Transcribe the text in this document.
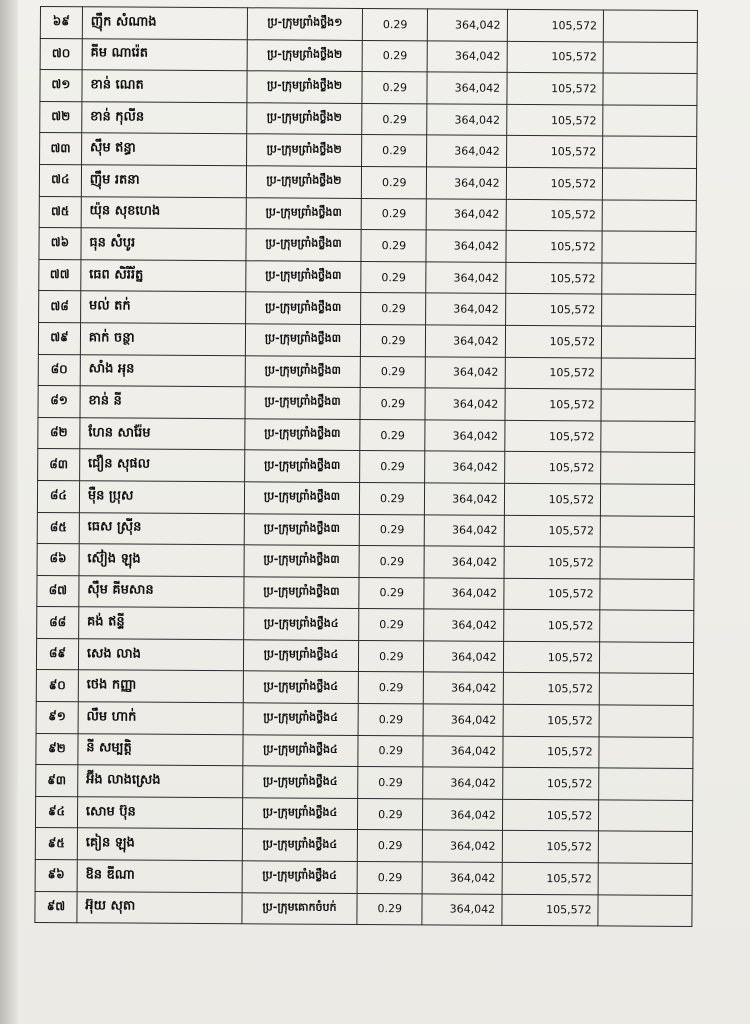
៦៩	ញ៉ឹក សំណាង	ប្រ-ក្រុមព្រាំងថ្លឹង១	0.29	364,042	105,572	
៧០	គីម ណារ៉េត	ប្រ-ក្រុមព្រាំងថ្លឹង២	0.29	364,042	105,572	
៧១	ខាន់ ណេត	ប្រ-ក្រុមព្រាំងថ្លឹង២	0.29	364,042	105,572	
៧២	ខាន់ កុលីន	ប្រ-ក្រុមព្រាំងថ្លឹង២	0.29	364,042	105,572	
៧៣	ស៊ឹម ឥន្ធា	ប្រ-ក្រុមព្រាំងថ្លឹង២	0.29	364,042	105,572	
៧៤	ញ៉ឹម រតនា	ប្រ-ក្រុមព្រាំងថ្លឹង២	0.29	364,042	105,572	
៧៥	យ៉ុន សុខហេង	ប្រ-ក្រុមព្រាំងថ្លឹង៣	0.29	364,042	105,572	
៧៦	ធុន សំបូរ	ប្រ-ក្រុមព្រាំងថ្លឹង៣	0.29	364,042	105,572	
៧៧	ធេព សិរីរ័ត្ន	ប្រ-ក្រុមព្រាំងថ្លឹង៣	0.29	364,042	105,572	
៧៨	មល់ តក់	ប្រ-ក្រុមព្រាំងថ្លឹង៣	0.29	364,042	105,572	
៧៩	គាក់ ចន្ថា	ប្រ-ក្រុមព្រាំងថ្លឹង៣	0.29	364,042	105,572	
៨០	សាំង អុន	ប្រ-ក្រុមព្រាំងថ្លឹង៣	0.29	364,042	105,572	
៨១	ខាន់ នី	ប្រ-ក្រុមព្រាំងថ្លឹង៣	0.29	364,042	105,572	
៨២	ហែន សារ៉ែម	ប្រ-ក្រុមព្រាំងថ្លឹង៣	0.29	364,042	105,572	
៨៣	ជឿន សុផល	ប្រ-ក្រុមព្រាំងថ្លឹង៣	0.29	364,042	105,572	
៨៤	ម៉ឺន ប្រុស	ប្រ-ក្រុមព្រាំងថ្លឹង៣	0.29	364,042	105,572	
៨៥	ធេស ស្រ៊ីន	ប្រ-ក្រុមព្រាំងថ្លឹង៣	0.29	364,042	105,572	
៨៦	ស៊ៀង ឡុង	ប្រ-ក្រុមព្រាំងថ្លឹង៣	0.29	364,042	105,572	
៨៧	ស៊ឹម គីមសាន	ប្រ-ក្រុមព្រាំងថ្លឹង៣	0.29	364,042	105,572	
៨៨	គង់ ឥន្ទី	ប្រ-ក្រុមព្រាំងថ្លឹង៤	0.29	364,042	105,572	
៨៩	សេង លាង	ប្រ-ក្រុមព្រាំងថ្លឹង៤	0.29	364,042	105,572	
៩០	ថេង កញ្ញា	ប្រ-ក្រុមព្រាំងថ្លឹង៤	0.29	364,042	105,572	
៩១	លឹម ហាក់	ប្រ-ក្រុមព្រាំងថ្លឹង៤	0.29	364,042	105,572	
៩២	នី សម្បត្តិ	ប្រ-ក្រុមព្រាំងថ្លឹង៤	0.29	364,042	105,572	
៩៣	អ៊ីង លាងស្រេង	ប្រ-ក្រុមព្រាំងថ្លឹង៤	0.29	364,042	105,572	
៩៤	សោម ប៊ុន	ប្រ-ក្រុមព្រាំងថ្លឹង៤	0.29	364,042	105,572	
៩៥	គៀន ឡុង	ប្រ-ក្រុមព្រាំងថ្លឹង៤	0.29	364,042	105,572	
៩៦	ឱន ឌីណា	ប្រ-ក្រុមព្រាំងថ្លឹង៤	0.29	364,042	105,572	
៩៧	អ៊ុយ សុតា	ប្រ-ក្រុមគោកចំបក់	0.29	364,042	105,572	
